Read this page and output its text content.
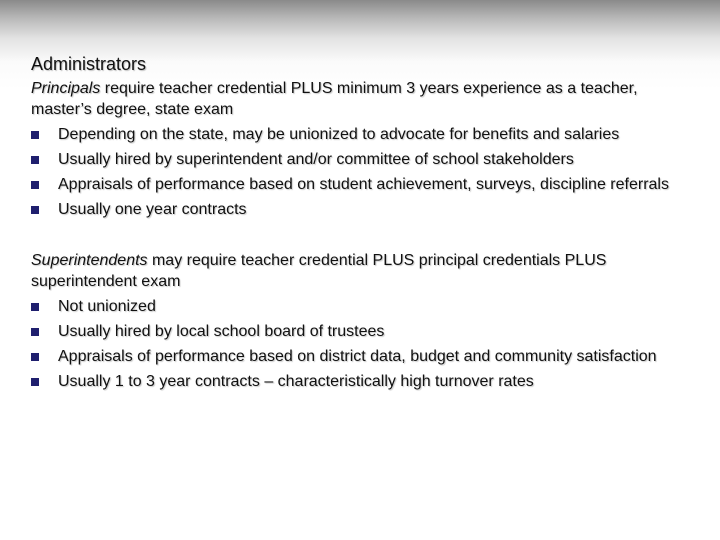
Administrators
Principals require teacher credential PLUS minimum 3 years experience as a teacher, master’s degree, state exam
Depending on the state, may be unionized to advocate for benefits and salaries
Usually hired by superintendent and/or committee of school stakeholders
Appraisals of performance based on student achievement, surveys, discipline referrals
Usually one year contracts
Superintendents may require teacher credential PLUS principal credentials PLUS superintendent exam
Not unionized
Usually hired by local school board of trustees
Appraisals of performance based on district data, budget and community satisfaction
Usually 1 to 3 year contracts – characteristically high turnover rates
